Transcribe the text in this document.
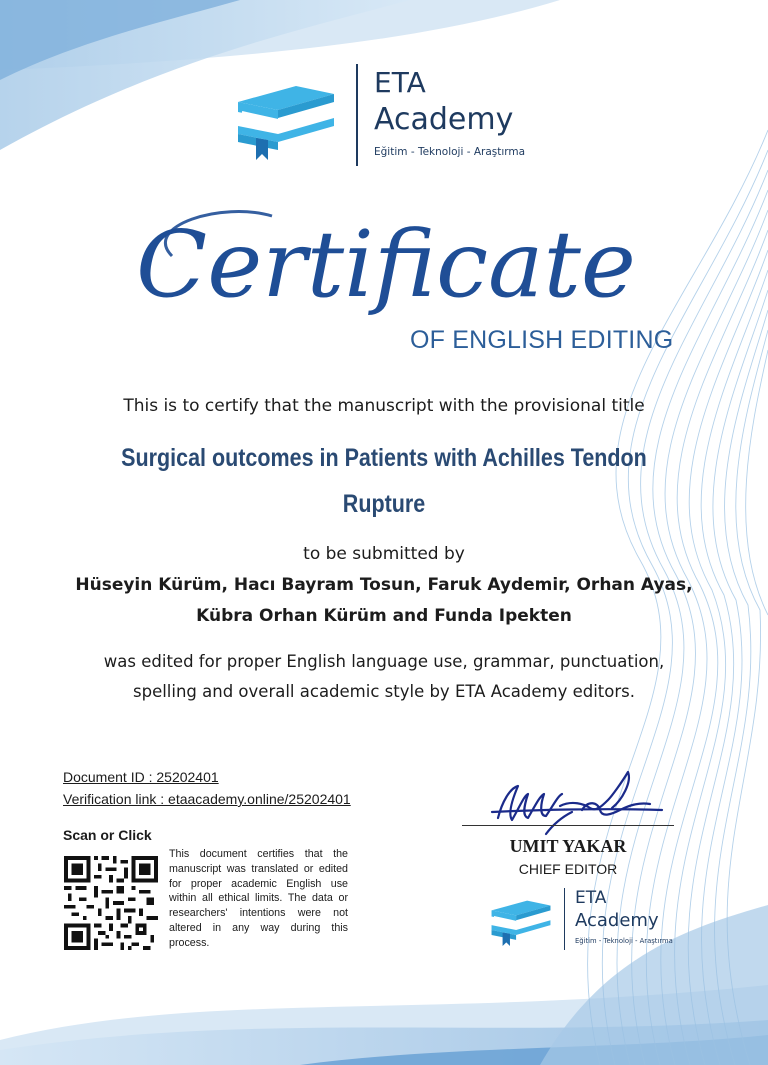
ETA
Academy
Eğitim - Teknoloji - Araştırma
Certificate
OF ENGLISH EDITING
This is to certify that the manuscript with the provisional title
Surgical outcomes in Patients with Achilles Tendon
Rupture
to be submitted by
Hüseyin Kürüm, Hacı Bayram Tosun, Faruk Aydemir, Orhan Ayas,
Kübra Orhan Kürüm and Funda Ipekten
was edited for proper English language use, grammar, punctuation,
spelling and overall academic style by ETA Academy editors.
Document ID : 25202401
Verification link : etaacademy.online/25202401
Scan or Click
This document certifies that the manuscript was translated or edited for proper academic English use within all ethical limits. The data or researchers' intentions were not altered in any way during this process.
UMIT YAKAR
CHIEF EDITOR
ETA
Academy
Eğitim - Teknoloji - Araştırma
